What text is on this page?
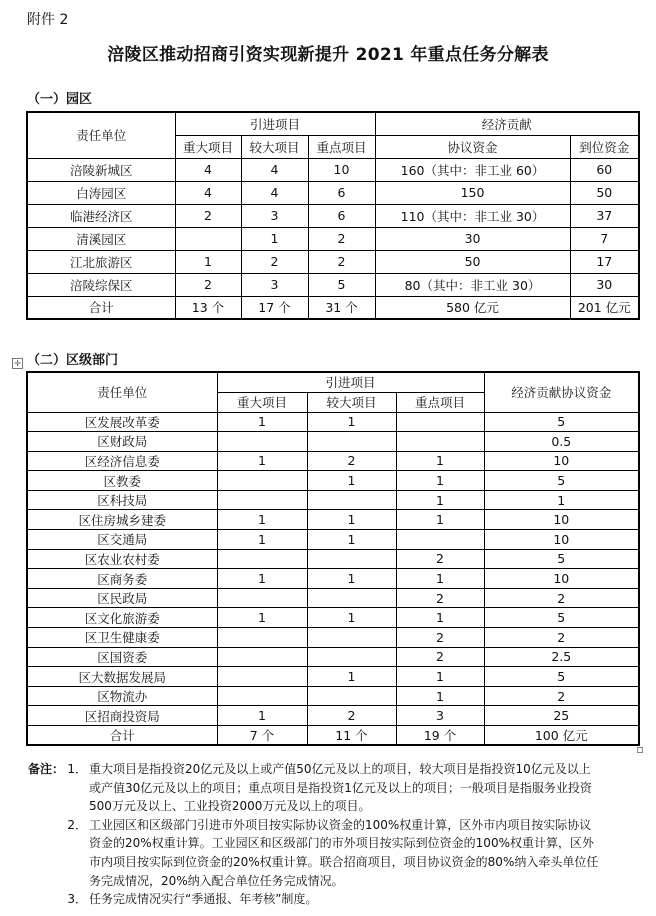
附件 2
涪陵区推动招商引资实现新提升 2021 年重点任务分解表
（一）园区
责任单位	引进项目			经济贡献	
	重大项目	较大项目	重点项目	协议资金	到位资金
涪陵新城区	4	4	10	160（其中：非工业 60）	60
白涛园区	4	4	6	150	50
临港经济区	2	3	6	110（其中：非工业 30）	37
清溪园区		1	2	30	7
江北旅游区	1	2	2	50	17
涪陵综保区	2	3	5	80（其中：非工业 30）	30
合计	13 个	17 个	31 个	580 亿元	201 亿元
✛ （二）区级部门
责任单位	引进项目			经济贡献协议资金
	重大项目	较大项目	重点项目	
区发展改革委	1	1		5
区财政局				0.5
区经济信息委	1	2	1	10
区教委		1	1	5
区科技局			1	1
区住房城乡建委	1	1	1	10
区交通局	1	1		10
区农业农村委			2	5
区商务委	1	1	1	10
区民政局			2	2
区文化旅游委	1	1	1	5
区卫生健康委			2	2
区国资委			2	2.5
区大数据发展局		1	1	5
区物流办			1	2
区招商投资局	1	2	3	25
合计	7 个	11 个	19 个	100 亿元
备注： 1． 重大项目是指投资20亿元及以上或产值50亿元及以上的项目，较大项目是指投资10亿元及以上
或产值30亿元及以上的项目；重点项目是指投资1亿元及以上的项目；一般项目是指服务业投资
500万元及以上、工业投资2000万元及以上的项目。
2． 工业园区和区级部门引进市外项目按实际协议资金的100%权重计算，区外市内项目按实际协议
资金的20%权重计算。工业园区和区级部门的市外项目按实际到位资金的100%权重计算，区外
市内项目按实际到位资金的20%权重计算。联合招商项目，项目协议资金的80%纳入牵头单位任
务完成情况，20%纳入配合单位任务完成情况。
3． 任务完成情况实行“季通报、年考核”制度。
